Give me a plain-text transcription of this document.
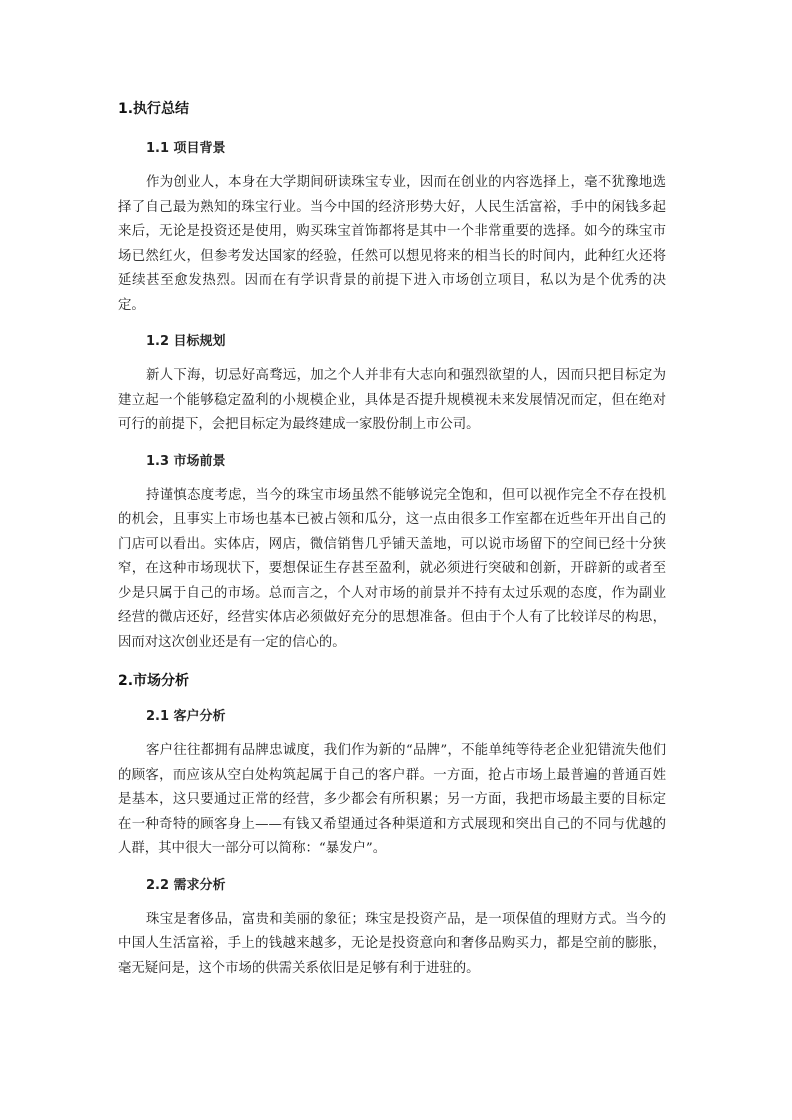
1.执行总结
1.1 项目背景

作为创业人，本身在大学期间研读珠宝专业，因而在创业的内容选择上，毫不犹豫地选择了自己最为熟知的珠宝行业。当今中国的经济形势大好，人民生活富裕，手中的闲钱多起来后，无论是投资还是使用，购买珠宝首饰都将是其中一个非常重要的选择。如今的珠宝市场已然红火，但参考发达国家的经验，任然可以想见将来的相当长的时间内，此种红火还将延续甚至愈发热烈。因而在有学识背景的前提下进入市场创立项目，私以为是个优秀的决定。

1.2 目标规划

新人下海，切忌好高骛远，加之个人并非有大志向和强烈欲望的人，因而只把目标定为建立起一个能够稳定盈利的小规模企业，具体是否提升规模视未来发展情况而定，但在绝对可行的前提下，会把目标定为最终建成一家股份制上市公司。

1.3 市场前景

持谨慎态度考虑，当今的珠宝市场虽然不能够说完全饱和，但可以视作完全不存在投机的机会，且事实上市场也基本已被占领和瓜分，这一点由很多工作室都在近些年开出自己的门店可以看出。实体店，网店，微信销售几乎铺天盖地，可以说市场留下的空间已经十分狭窄，在这种市场现状下，要想保证生存甚至盈利，就必须进行突破和创新，开辟新的或者至少是只属于自己的市场。总而言之，个人对市场的前景并不持有太过乐观的态度，作为副业经营的微店还好，经营实体店必须做好充分的思想准备。但由于个人有了比较详尽的构思，因而对这次创业还是有一定的信心的。

2.市场分析
2.1 客户分析

客户往往都拥有品牌忠诚度，我们作为新的“品牌”，不能单纯等待老企业犯错流失他们的顾客，而应该从空白处构筑起属于自己的客户群。一方面，抢占市场上最普遍的普通百姓是基本，这只要通过正常的经营，多少都会有所积累；另一方面，我把市场最主要的目标定在一种奇特的顾客身上——有钱又希望通过各种渠道和方式展现和突出自己的不同与优越的人群，其中很大一部分可以简称：“暴发户”。

2.2 需求分析

珠宝是奢侈品，富贵和美丽的象征；珠宝是投资产品，是一项保值的理财方式。当今的中国人生活富裕，手上的钱越来越多，无论是投资意向和奢侈品购买力，都是空前的膨胀，毫无疑问是，这个市场的供需关系依旧是足够有利于进驻的。
